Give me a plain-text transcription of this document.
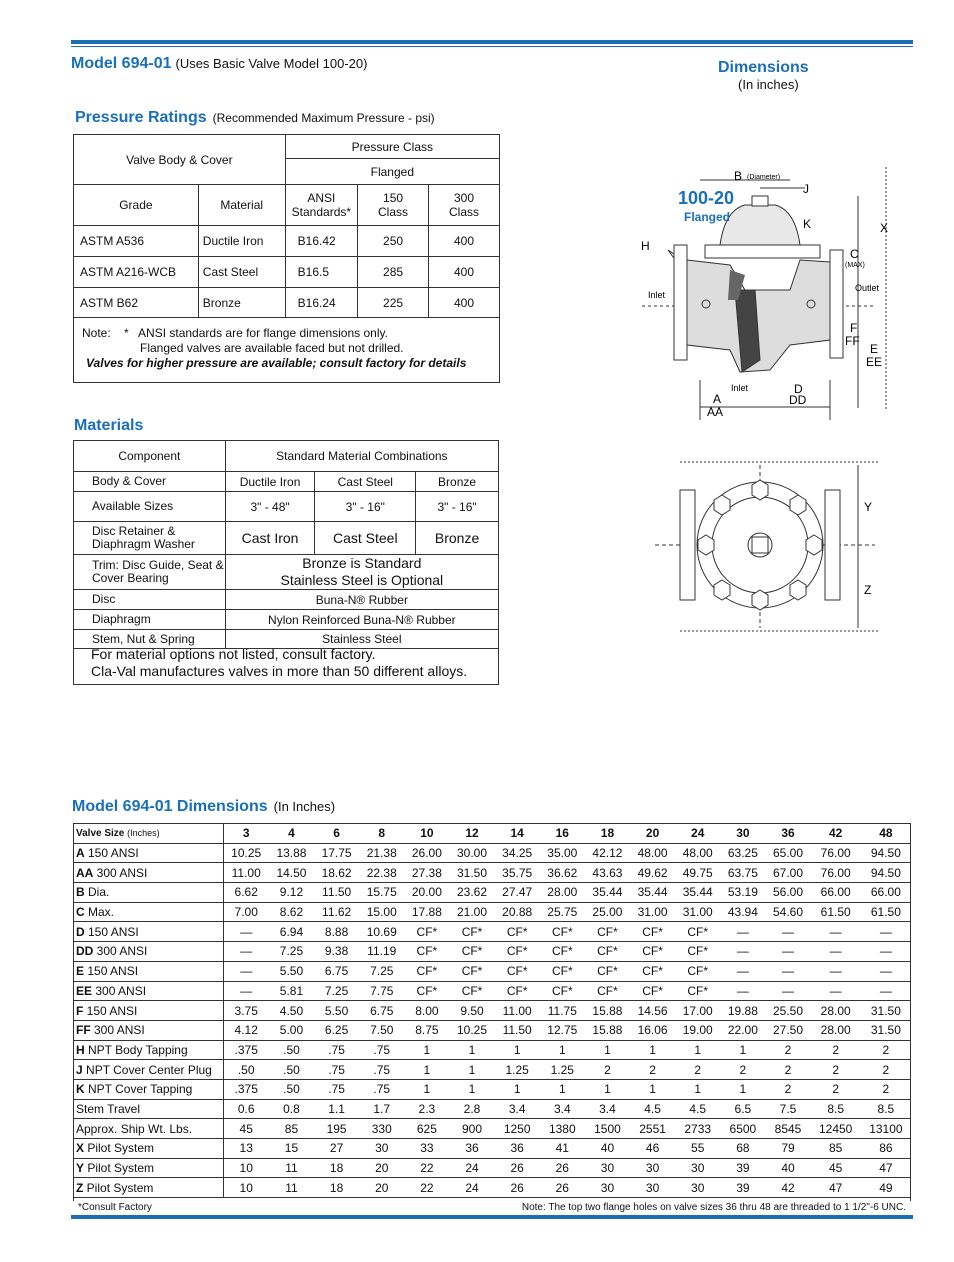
Model 694-01 (Uses Basic Valve Model 100-20)
Pressure Ratings (Recommended Maximum Pressure - psi)
Valve Body & Cover		Pressure Class		
		Flanged		
Grade	Material	ANSI Standards*	150 Class	300 Class
ASTM A536	Ductile Iron	B16.42	250	400
ASTM A216-WCB	Cast Steel	B16.5	285	400
ASTM B62	Bronze	B16.24	225	400
Note:    *   ANSI standards are for flange dimensions only.
Flanged valves are available faced but not drilled.
Valves for higher pressure are available; consult factory for details
Materials
Component	Standard Material Combinations		
Body & Cover	Ductile Iron	Cast Steel	Bronze
Available Sizes	3" - 48"	3" - 16"	3" - 16"
Disc Retainer & Diaphragm Washer	Cast Iron	Cast Steel	Bronze
Trim: Disc Guide, Seat & Cover Bearing	Bronze is Standard
Stainless Steel is Optional		

Disc	Buna-N® Rubber		
Diaphragm	Nylon Reinforced Buna-N® Rubber		
Stem, Nut & Spring	Stainless Steel		
For material options not listed, consult factory.
Cla-Val manufactures valves in more than 50 different alloys.
Dimensions
(In inches)
100-20
Flanged
B (Diameter)
J
K	X
H
C
(MAX)
Inlet
Outlet
F
FF
E
EE
Inlet
A
AA
D
DD
Y
Z
Model 694-01 Dimensions (In Inches)
Valve Size (Inches)	3	4	6	8	10	12	14	16	18	20	24	30	36	42	48
A 150 ANSI	10.25	13.88	17.75	21.38	26.00	30.00	34.25	35.00	42.12	48.00	48.00	63.25	65.00	76.00	94.50
AA 300 ANSI	11.00	14.50	18.62	22.38	27.38	31.50	35.75	36.62	43.63	49.62	49.75	63.75	67.00	76.00	94.50
B Dia.	6.62	9.12	11.50	15.75	20.00	23.62	27.47	28.00	35.44	35.44	35.44	53.19	56.00	66.00	66.00
C Max.	7.00	8.62	11.62	15.00	17.88	21.00	20.88	25.75	25.00	31.00	31.00	43.94	54.60	61.50	61.50
D 150 ANSI	—	6.94	8.88	10.69	CF*	CF*	CF*	CF*	CF*	CF*	CF*	—	—	—	—
DD 300 ANSI	—	7.25	9.38	11.19	CF*	CF*	CF*	CF*	CF*	CF*	CF*	—	—	—	—
E 150 ANSI	—	5.50	6.75	7.25	CF*	CF*	CF*	CF*	CF*	CF*	CF*	—	—	—	—
EE 300 ANSI	—	5.81	7.25	7.75	CF*	CF*	CF*	CF*	CF*	CF*	CF*	—	—	—	—
F 150 ANSI	3.75	4.50	5.50	6.75	8.00	9.50	11.00	11.75	15.88	14.56	17.00	19.88	25.50	28.00	31.50
FF 300 ANSI	4.12	5.00	6.25	7.50	8.75	10.25	11.50	12.75	15.88	16.06	19.00	22.00	27.50	28.00	31.50
H NPT Body Tapping	.375	.50	.75	.75	1	1	1	1	1	1	1	1	2	2	2
J NPT Cover Center Plug	.50	.50	.75	.75	1	1	1.25	1.25	2	2	2	2	2	2	2
K NPT Cover Tapping	.375	.50	.75	.75	1	1	1	1	1	1	1	1	2	2	2
Stem Travel	0.6	0.8	1.1	1.7	2.3	2.8	3.4	3.4	3.4	4.5	4.5	6.5	7.5	8.5	8.5
Approx. Ship Wt. Lbs.	45	85	195	330	625	900	1250	1380	1500	2551	2733	6500	8545	12450	13100
X Pilot System	13	15	27	30	33	36	36	41	40	46	55	68	79	85	86
Y Pilot System	10	11	18	20	22	24	26	26	30	30	30	39	40	45	47
Z Pilot System	10	11	18	20	22	24	26	26	30	30	30	39	42	47	49
*Consult Factory	Note: The top two flange holes on valve sizes 36 thru 48 are threaded to 1 1/2"-6 UNC.
